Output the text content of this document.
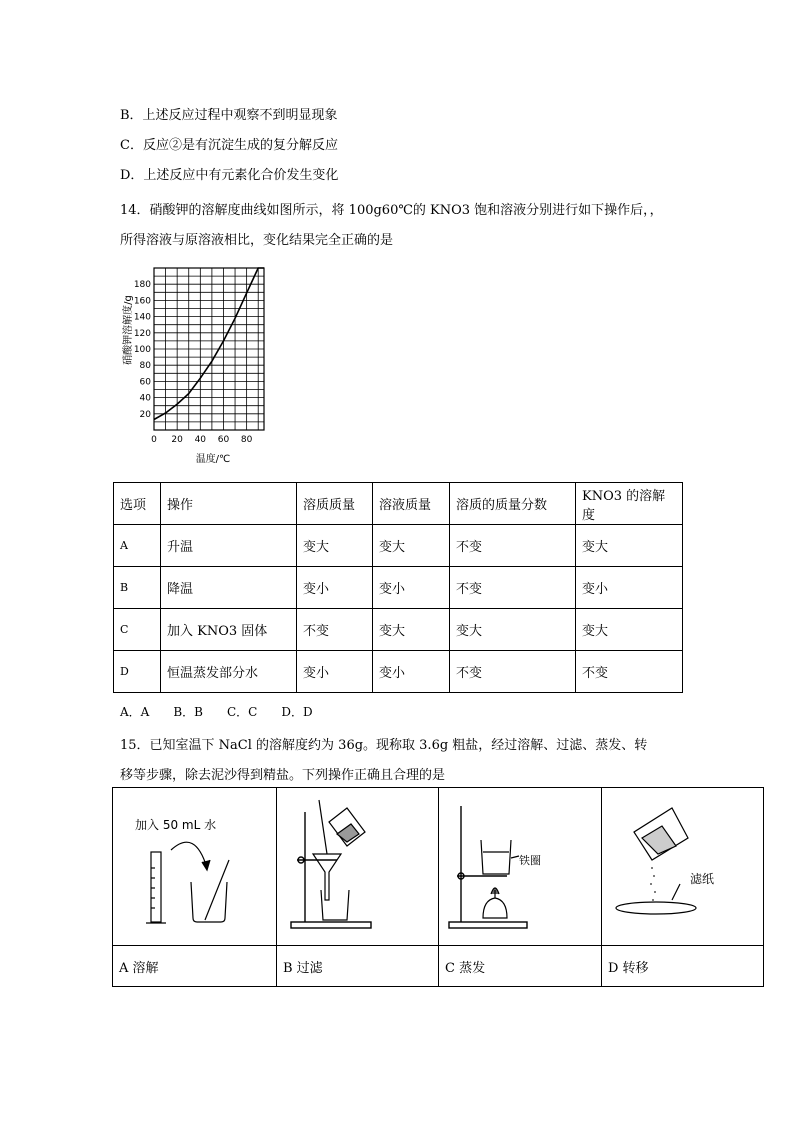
B．上述反应过程中观察不到明显现象
C．反应②是有沉淀生成的复分解反应
D．上述反应中有元素化合价发生变化
14．硝酸钾的溶解度曲线如图所示，将 100g60℃的 KNO3 饱和溶液分别进行如下操作后，，
所得溶液与原溶液相比，变化结果完全正确的是
20
40
60
80
100
120
140
160
180
0 20 40 60 80
硝酸钾溶解度/g
温度/℃
选项	操作	溶质质量	溶液质量	溶质的质量分数	KNO3 的溶解度
A	升温	变大	变大	不变	变大
B	降温	变小	变小	不变	变小
C	加入 KNO3 固体	不变	变大	变大	变大
D	恒温蒸发部分水	变小	变小	不变	不变
A．A　　B．B　　C．C　　D．D
15．已知室温下 NaCl 的溶解度约为 36g。现称取 3.6g 粗盐，经过溶解、过滤、蒸发、转
移等步骤，除去泥沙得到精盐。下列操作正确且合理的是
加入 50 mL 水		铁圈	滤纸

A 溶解	B 过滤	C 蒸发	D 转移
